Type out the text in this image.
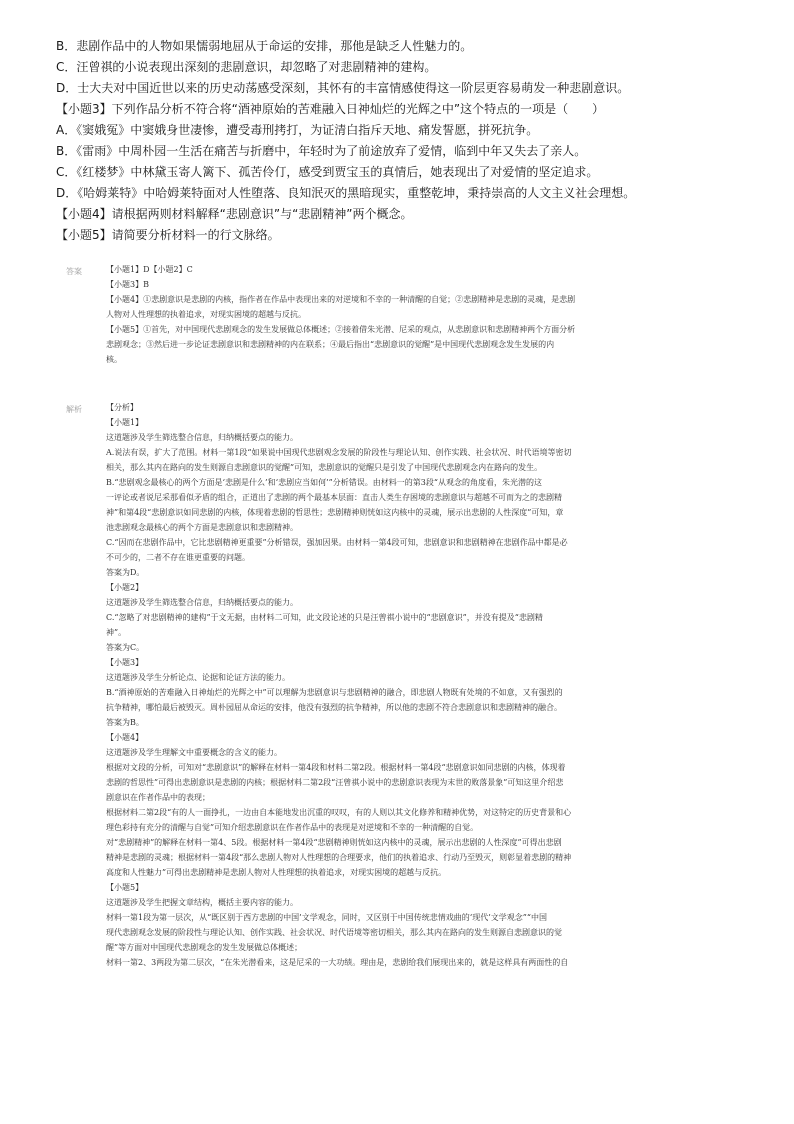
B．悲剧作品中的人物如果懦弱地屈从于命运的安排，那他是缺乏人性魅力的。
C．汪曾祺的小说表现出深刻的悲剧意识，却忽略了对悲剧精神的建构。
D．士大夫对中国近世以来的历史动荡感受深刻，其怀有的丰富情感使得这一阶层更容易萌发一种悲剧意识。
【小题3】下列作品分析不符合将“酒神原始的苦难融入日神灿烂的光辉之中”这个特点的一项是（　　）
A．《窦娥冤》中窦娥身世凄惨，遭受毒刑拷打，为证清白指斥天地、痛发誓愿，拼死抗争。
B．《雷雨》中周朴园一生活在痛苦与折磨中，年轻时为了前途放弃了爱情，临到中年又失去了亲人。
C．《红楼梦》中林黛玉寄人篱下、孤苦伶仃，感受到贾宝玉的真情后，她表现出了对爱情的坚定追求。
D．《哈姆莱特》中哈姆莱特面对人性堕落、良知泯灭的黑暗现实，重整乾坤，秉持崇高的人文主义社会理想。
【小题4】请根据两则材料解释“悲剧意识”与“悲剧精神”两个概念。
【小题5】请简要分析材料一的行文脉络。
答案	【小题1】D【小题2】C
【小题3】B
【小题4】①悲剧意识是悲剧的内核，指作者在作品中表现出来的对逆境和不幸的一种清醒的自觉；②悲剧精神是悲剧的灵魂，是悲剧
人物对人性理想的执着追求，对现实困境的超越与反抗。
【小题5】①首先，对中国现代悲剧观念的发生发展做总体概述；②接着借朱光潜、尼采的观点，从悲剧意识和悲剧精神两个方面分析
悲剧观念；③然后进一步论证悲剧意识和悲剧精神的内在联系；④最后指出“悲剧意识的觉醒”是中国现代悲剧观念发生发展的内
核。
解析	【分析】
【小题1】
这道题涉及学生筛选整合信息，归纳概括要点的能力。
A.说法有误，扩大了范围。材料一第1段“如果说中国现代悲剧观念发展的阶段性与理论认知、创作实践、社会状况、时代语境等密切
相关，那么其内在路向的发生则源自悲剧意识的觉醒”可知，悲剧意识的觉醒只是引发了中国现代悲剧观念内在路向的发生。
B.“悲剧观念最核心的两个方面是‘悲剧是什么’和‘悲剧应当如何’”分析错误。由材料一的第3段“从观念的角度看，朱光潜的这
一评论或者说尼采那看似矛盾的组合，正道出了悲剧的两个最基本层面：直击人类生存困境的悲剧意识与超越不可而为之的悲剧精
神”和第4段“悲剧意识如同悲剧的内核，体现着悲剧的哲思性；悲剧精神则恍如这内核中的灵魂，展示出悲剧的人性深度”可知，章
池悲剧观念最核心的两个方面是悲剧意识和悲剧精神。
C.“因而在悲剧作品中，它比悲剧精神更重要”分析错误，强加因果。由材料一第4段可知，悲剧意识和悲剧精神在悲剧作品中都是必
不可少的，二者不存在谁更重要的问题。
答案为D。
【小题2】
这道题涉及学生筛选整合信息，归纳概括要点的能力。
C.“忽略了对悲剧精神的建构”于文无据，由材料二可知，此文段论述的只是汪曾祺小说中的“悲剧意识”，并没有提及“悲剧精
神”。
答案为C。
【小题3】
这道题涉及学生分析论点、论据和论证方法的能力。
B.“酒神原始的苦难融入日神灿烂的光辉之中”可以理解为悲剧意识与悲剧精神的融合，即悲剧人物既有处境的不如意，又有强烈的
抗争精神，哪怕最后被毁灭。周朴园屈从命运的安排，他没有强烈的抗争精神，所以他的悲剧不符合悲剧意识和悲剧精神的融合。
答案为B。
【小题4】
这道题涉及学生理解文中重要概念的含义的能力。
根据对文段的分析，可知对“悲剧意识”的解释在材料一第4段和材料二第2段。根据材料一第4段“悲剧意识如同悲剧的内核，体现着
悲剧的哲思性”可得出悲剧意识是悲剧的内核；根据材料二第2段“汪曾祺小说中的悲剧意识表现为末世的败落景象”可知这里介绍悲
剧意识在作者作品中的表现；
根据材料二第2段“有的人一面挣扎，一边由自本能地发出沉重的叹叹，有的人则以其文化修养和精神优势，对这特定的历史背景和心
理色彩持有充分的清醒与自觉”可知介绍悲剧意识在作者作品中的表现是对逆境和不幸的一种清醒的自觉。
对“悲剧精神”的解释在材料一第4、5段。根据材料一第4段“悲剧精神则恍如这内核中的灵魂，展示出悲剧的人性深度”可得出悲剧
精神是悲剧的灵魂；根据材料一第4段“那么悲剧人物对人性理想的合理要求，他们的执着追求、行动乃至毁灭，则彰显着悲剧的精神
高度和人性魅力”可得出悲剧精神是悲剧人物对人性理想的执着追求，对现实困境的超越与反抗。
【小题5】
这道题涉及学生把握文章结构，概括主要内容的能力。
材料一第1段为第一层次，从“既区别于西方悲剧的中国’文学观念，同时，又区别于中国传统悲情戏曲的‘现代’文学观念”“中国
现代悲剧观念发展的阶段性与理论认知、创作实践、社会状况、时代语境等密切相关，那么其内在路向的发生则源自悲剧意识的觉
醒”等方面对中国现代悲剧观念的发生发展做总体概述；
材料一第2、3两段为第二层次，“在朱光潜看来，这是尼采的一大功绩。理由是，悲剧给我们展现出来的，就是这样具有两面性的自
